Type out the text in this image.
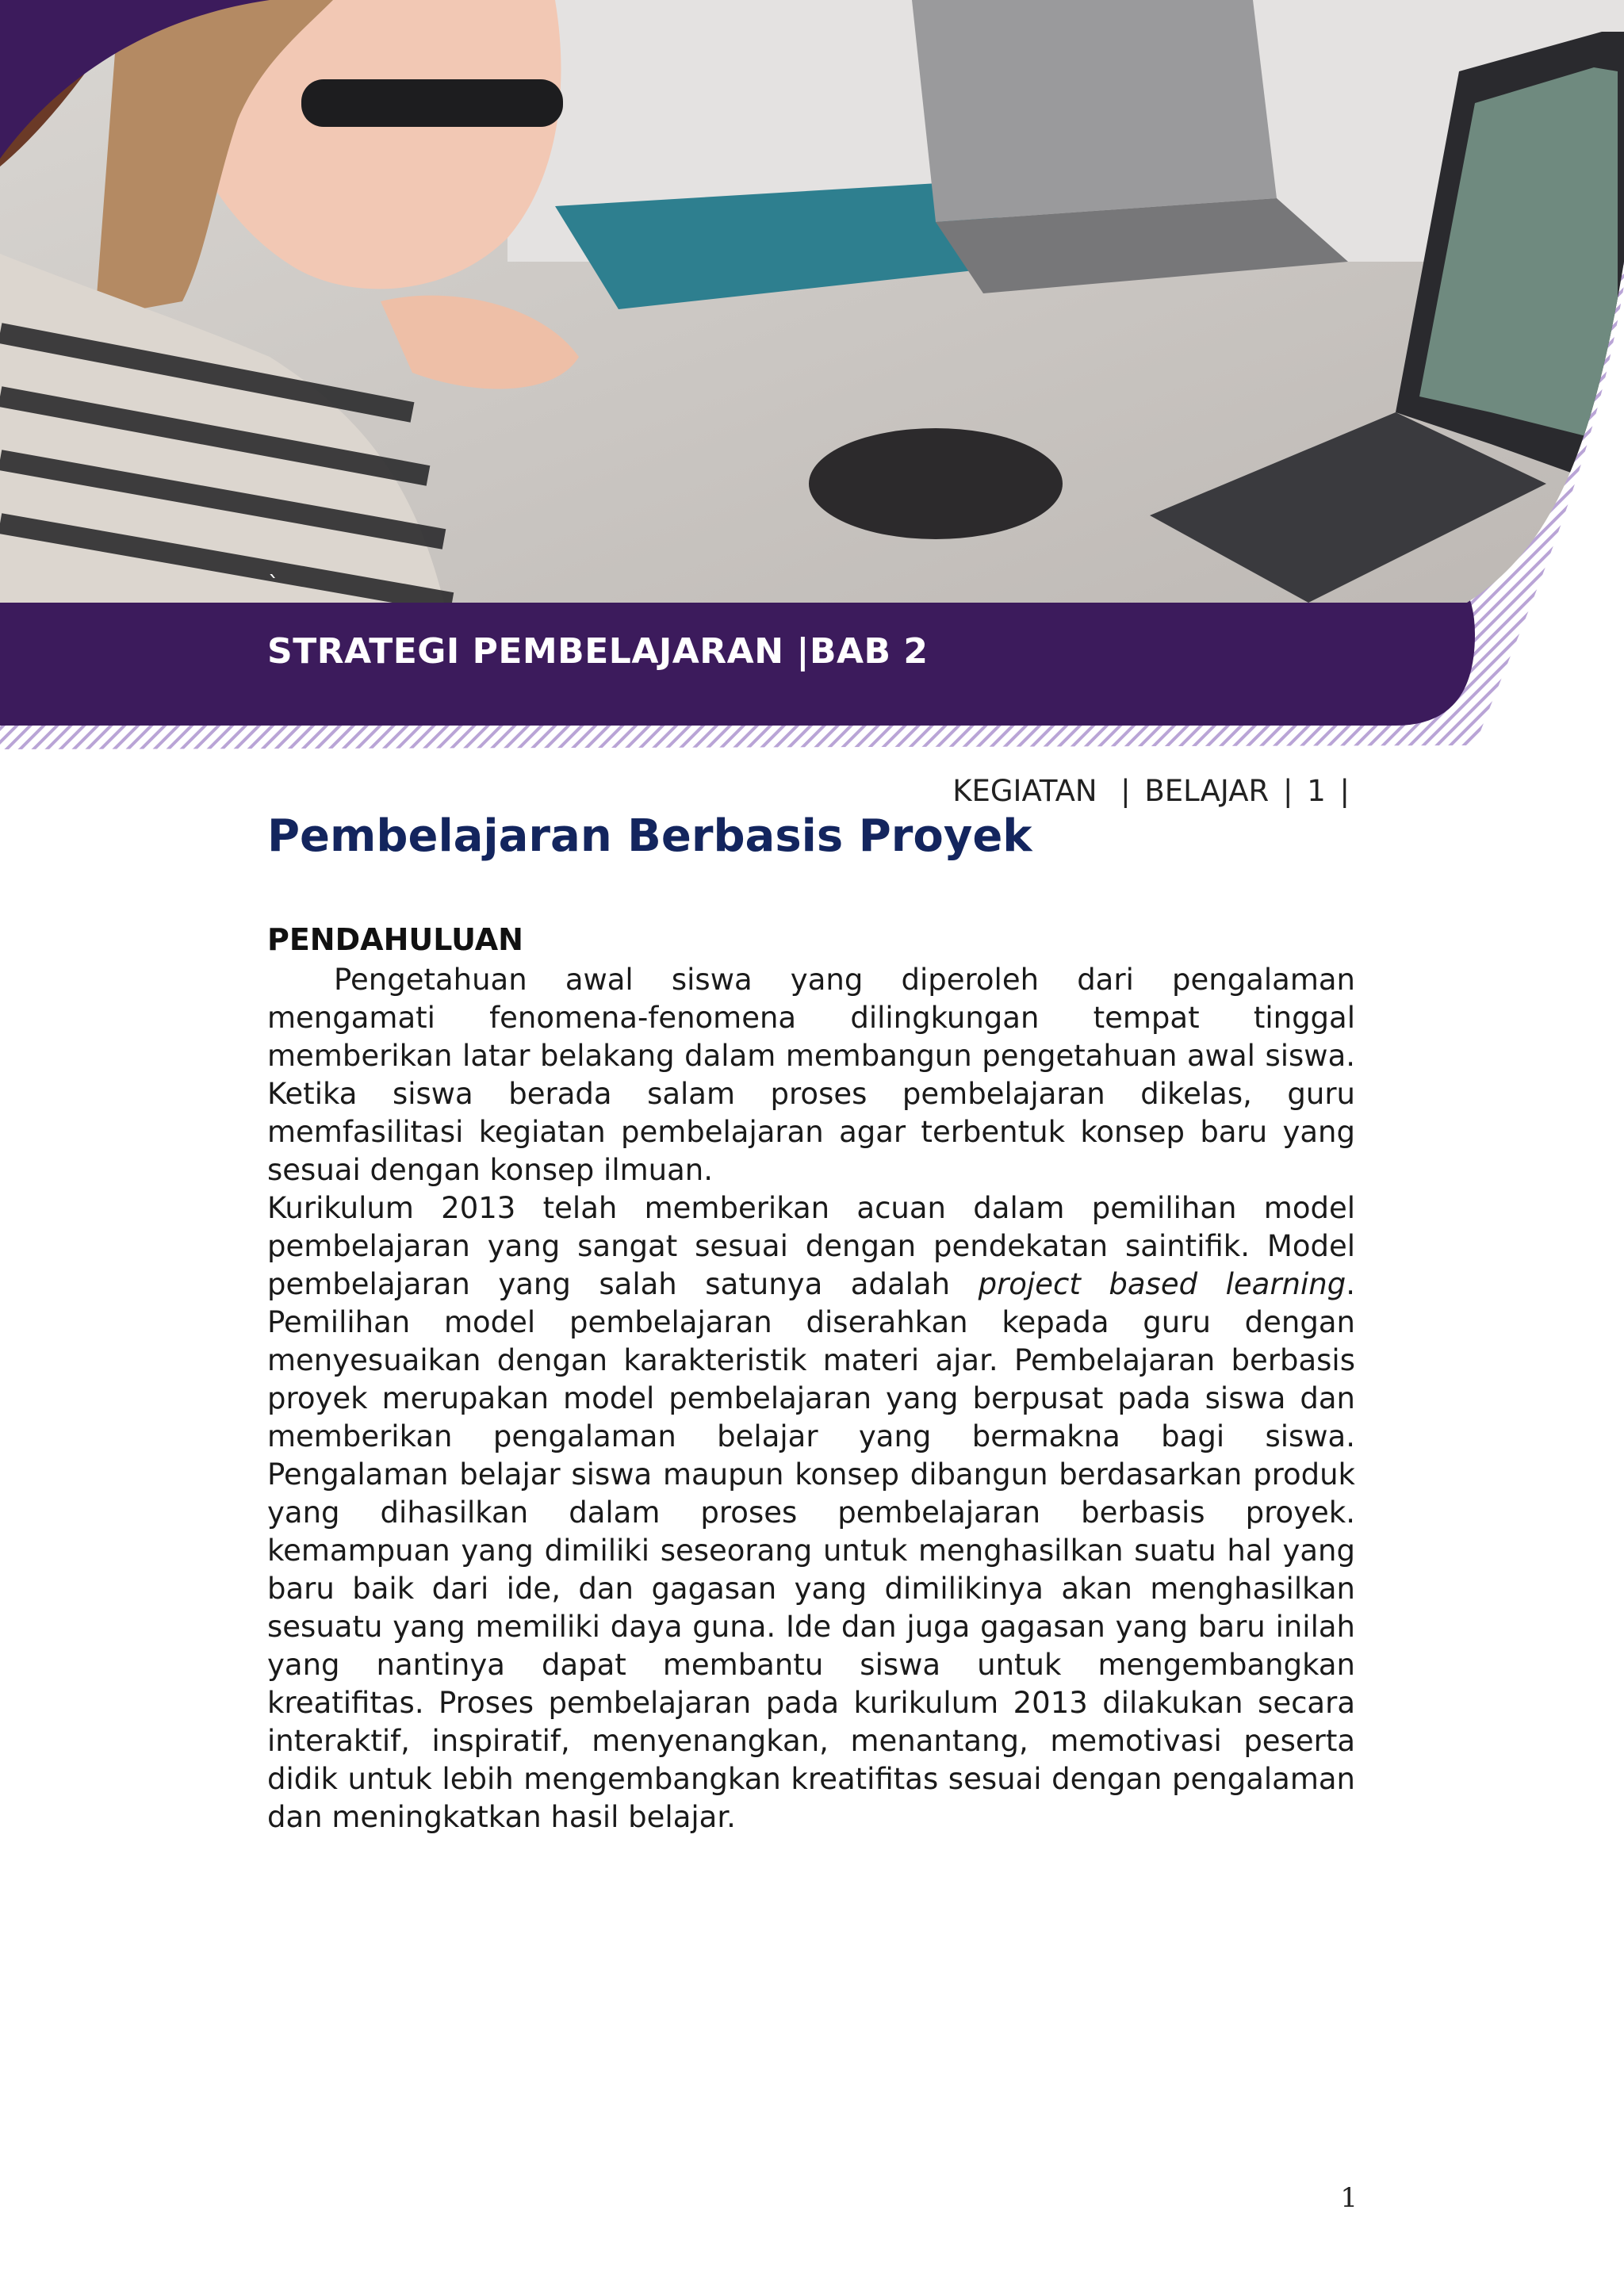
`
STRATEGI PEMBELAJARAN |BAB 2
KEGIATAN  | BELAJAR | 1 |
Pembelajaran Berbasis Proyek
PENDAHULUAN

Pengetahuan awal siswa yang diperoleh dari pengalaman mengamati fenomena-fenomena dilingkungan tempat tinggal memberikan latar belakang dalam membangun pengetahuan awal siswa. Ketika siswa berada salam proses pembelajaran dikelas, guru memfasilitasi kegiatan pembelajaran agar terbentuk konsep baru yang sesuai dengan konsep ilmuan.

Kurikulum 2013 telah memberikan acuan dalam pemilihan model pembelajaran yang sangat sesuai dengan pendekatan saintifik. Model pembelajaran yang salah satunya adalah project based learning. Pemilihan model pembelajaran diserahkan kepada guru dengan menyesuaikan dengan karakteristik materi ajar. Pembelajaran berbasis proyek merupakan model pembelajaran yang berpusat pada siswa dan memberikan pengalaman belajar yang bermakna bagi siswa. Pengalaman belajar siswa maupun konsep dibangun berdasarkan produk yang dihasilkan dalam proses pembelajaran berbasis proyek. kemampuan yang dimiliki seseorang untuk menghasilkan suatu hal yang baru baik dari ide, dan gagasan yang dimilikinya akan menghasilkan sesuatu yang memiliki daya guna. Ide dan juga gagasan yang baru inilah yang nantinya dapat membantu siswa untuk mengembangkan kreatifitas. Proses pembelajaran pada kurikulum 2013 dilakukan secara interaktif, inspiratif, menyenangkan, menantang, memotivasi peserta didik untuk lebih mengembangkan kreatifitas sesuai dengan pengalaman dan meningkatkan hasil belajar.

1
